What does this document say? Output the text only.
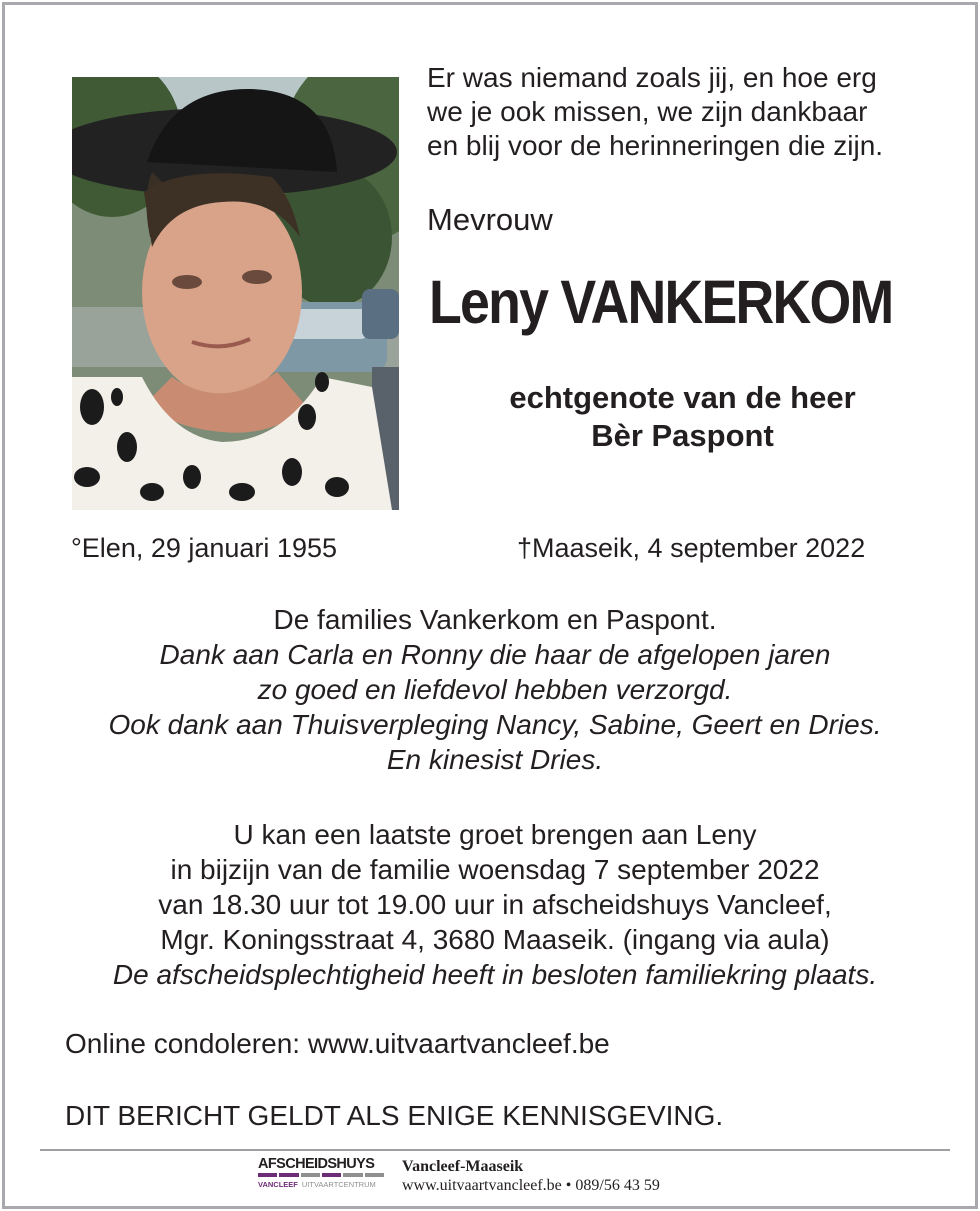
Er was niemand zoals jij, en hoe erg
we je ook missen, we zijn dankbaar
en blij voor de herinneringen die zijn.
Mevrouw
Leny VANKERKOM
echtgenote van de heer
Bèr Paspont
°Elen, 29 januari 1955	†Maaseik, 4 september 2022
De families Vankerkom en Paspont.
Dank aan Carla en Ronny die haar de afgelopen jaren
zo goed en liefdevol hebben verzorgd.
Ook dank aan Thuisverpleging Nancy, Sabine, Geert en Dries.
En kinesist Dries.
U kan een laatste groet brengen aan Leny
in bijzijn van de familie woensdag 7 september 2022
van 18.30 uur tot 19.00 uur in afscheidshuys Vancleef,
Mgr. Koningsstraat 4, 3680 Maaseik. (ingang via aula)
De afscheidsplechtigheid heeft in besloten familiekring plaats.
Online condoleren: www.uitvaartvancleef.be
DIT BERICHT GELDT ALS ENIGE KENNISGEVING.
AFSCHEIDSHUYS
VANCLEEF UITVAARTCENTRUM
Vancleef-Maaseik
www.uitvaartvancleef.be • 089/56 43 59
